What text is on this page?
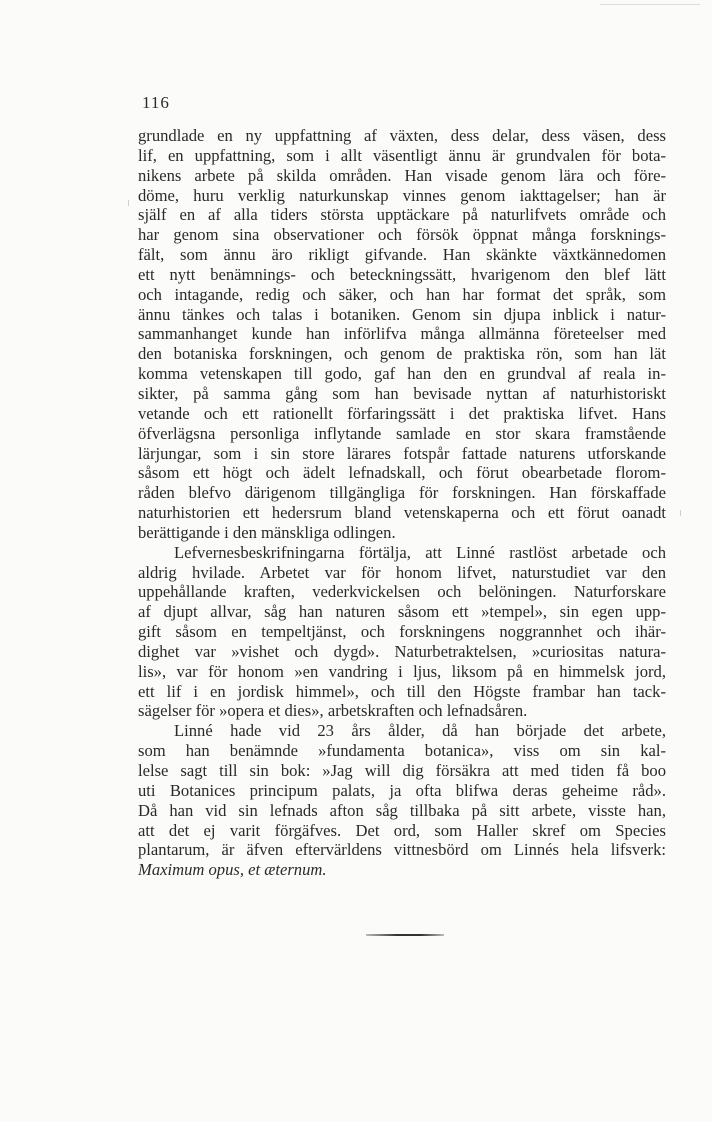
116
grundlade en ny uppfattning af växten, dess delar, dess väsen, dess
lif, en uppfattning, som i allt väsentligt ännu är grundvalen för bota-
nikens arbete på skilda områden. Han visade genom lära och före-
döme, huru verklig naturkunskap vinnes genom iakttagelser; han är
själf en af alla tiders största upptäckare på naturlifvets område och
har genom sina observationer och försök öppnat många forsknings-
fält, som ännu äro rikligt gifvande. Han skänkte växtkännedomen
ett nytt benämnings- och beteckningssätt, hvarigenom den blef lätt
och intagande, redig och säker, och han har format det språk, som
ännu tänkes och talas i botaniken. Genom sin djupa inblick i natur-
sammanhanget kunde han införlifva många allmänna företeelser med
den botaniska forskningen, och genom de praktiska rön, som han lät
komma vetenskapen till godo, gaf han den en grundval af reala in-
sikter, på samma gång som han bevisade nyttan af naturhistoriskt
vetande och ett rationellt förfaringssätt i det praktiska lifvet. Hans
öfverlägsna personliga inflytande samlade en stor skara framstående
lärjungar, som i sin store lärares fotspår fattade naturens utforskande
såsom ett högt och ädelt lefnadskall, och förut obearbetade florom-
råden blefvo därigenom tillgängliga för forskningen. Han förskaffade
naturhistorien ett hedersrum bland vetenskaperna och ett förut oanadt
berättigande i den mänskliga odlingen.
Lefvernesbeskrifningarna förtälja, att Linné rastlöst arbetade och
aldrig hvilade. Arbetet var för honom lifvet, naturstudiet var den
uppehållande kraften, vederkvickelsen och belöningen. Naturforskare
af djupt allvar, såg han naturen såsom ett »tempel», sin egen upp-
gift såsom en tempeltjänst, och forskningens noggrannhet och ihär-
dighet var »vishet och dygd». Naturbetraktelsen, »curiositas natura-
lis», var för honom »en vandring i ljus, liksom på en himmelsk jord,
ett lif i en jordisk himmel», och till den Högste frambar han tack-
sägelser för »opera et dies», arbetskraften och lefnadsåren.
Linné hade vid 23 års ålder, då han började det arbete,
som han benämnde »fundamenta botanica», viss om sin kal-
lelse sagt till sin bok: »Jag will dig försäkra att med tiden få boo
uti Botanices principum palats, ja ofta blifwa deras geheime råd».
Då han vid sin lefnads afton såg tillbaka på sitt arbete, visste han,
att det ej varit förgäfves. Det ord, som Haller skref om Species
plantarum, är äfven eftervärldens vittnesbörd om Linnés hela lifsverk:
Maximum opus, et æternum.
